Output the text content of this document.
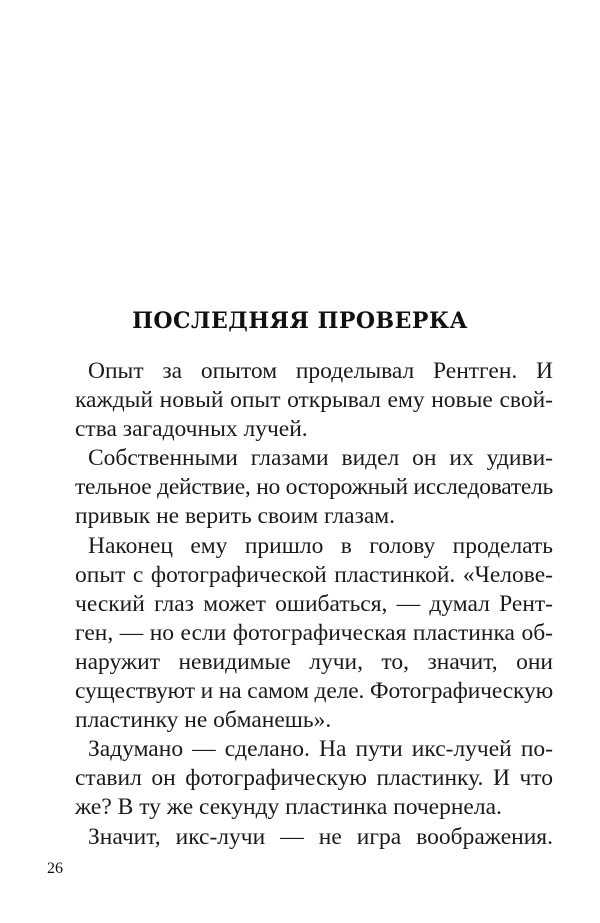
ПОСЛЕДНЯЯ ПРОВЕРКА
Опыт за опытом проделывал Рентген. И
каждый новый опыт открывал ему новые свой-
ства загадочных лучей.
Собственными глазами видел он их удиви-
тельное действие, но осторожный исследователь
привык не верить своим глазам.
Наконец ему пришло в голову проделать
опыт с фотографической пластинкой. «Челове-
ческий глаз может ошибаться, — думал Рент-
ген, — но если фотографическая пластинка об-
наружит невидимые лучи, то, значит, они
существуют и на самом деле. Фотографическую
пластинку не обманешь».
Задумано — сделано. На пути икс-лучей по-
ставил он фотографическую пластинку. И что
же? В ту же секунду пластинка почернела.
Значит, икс-лучи — не игра воображения.
26
